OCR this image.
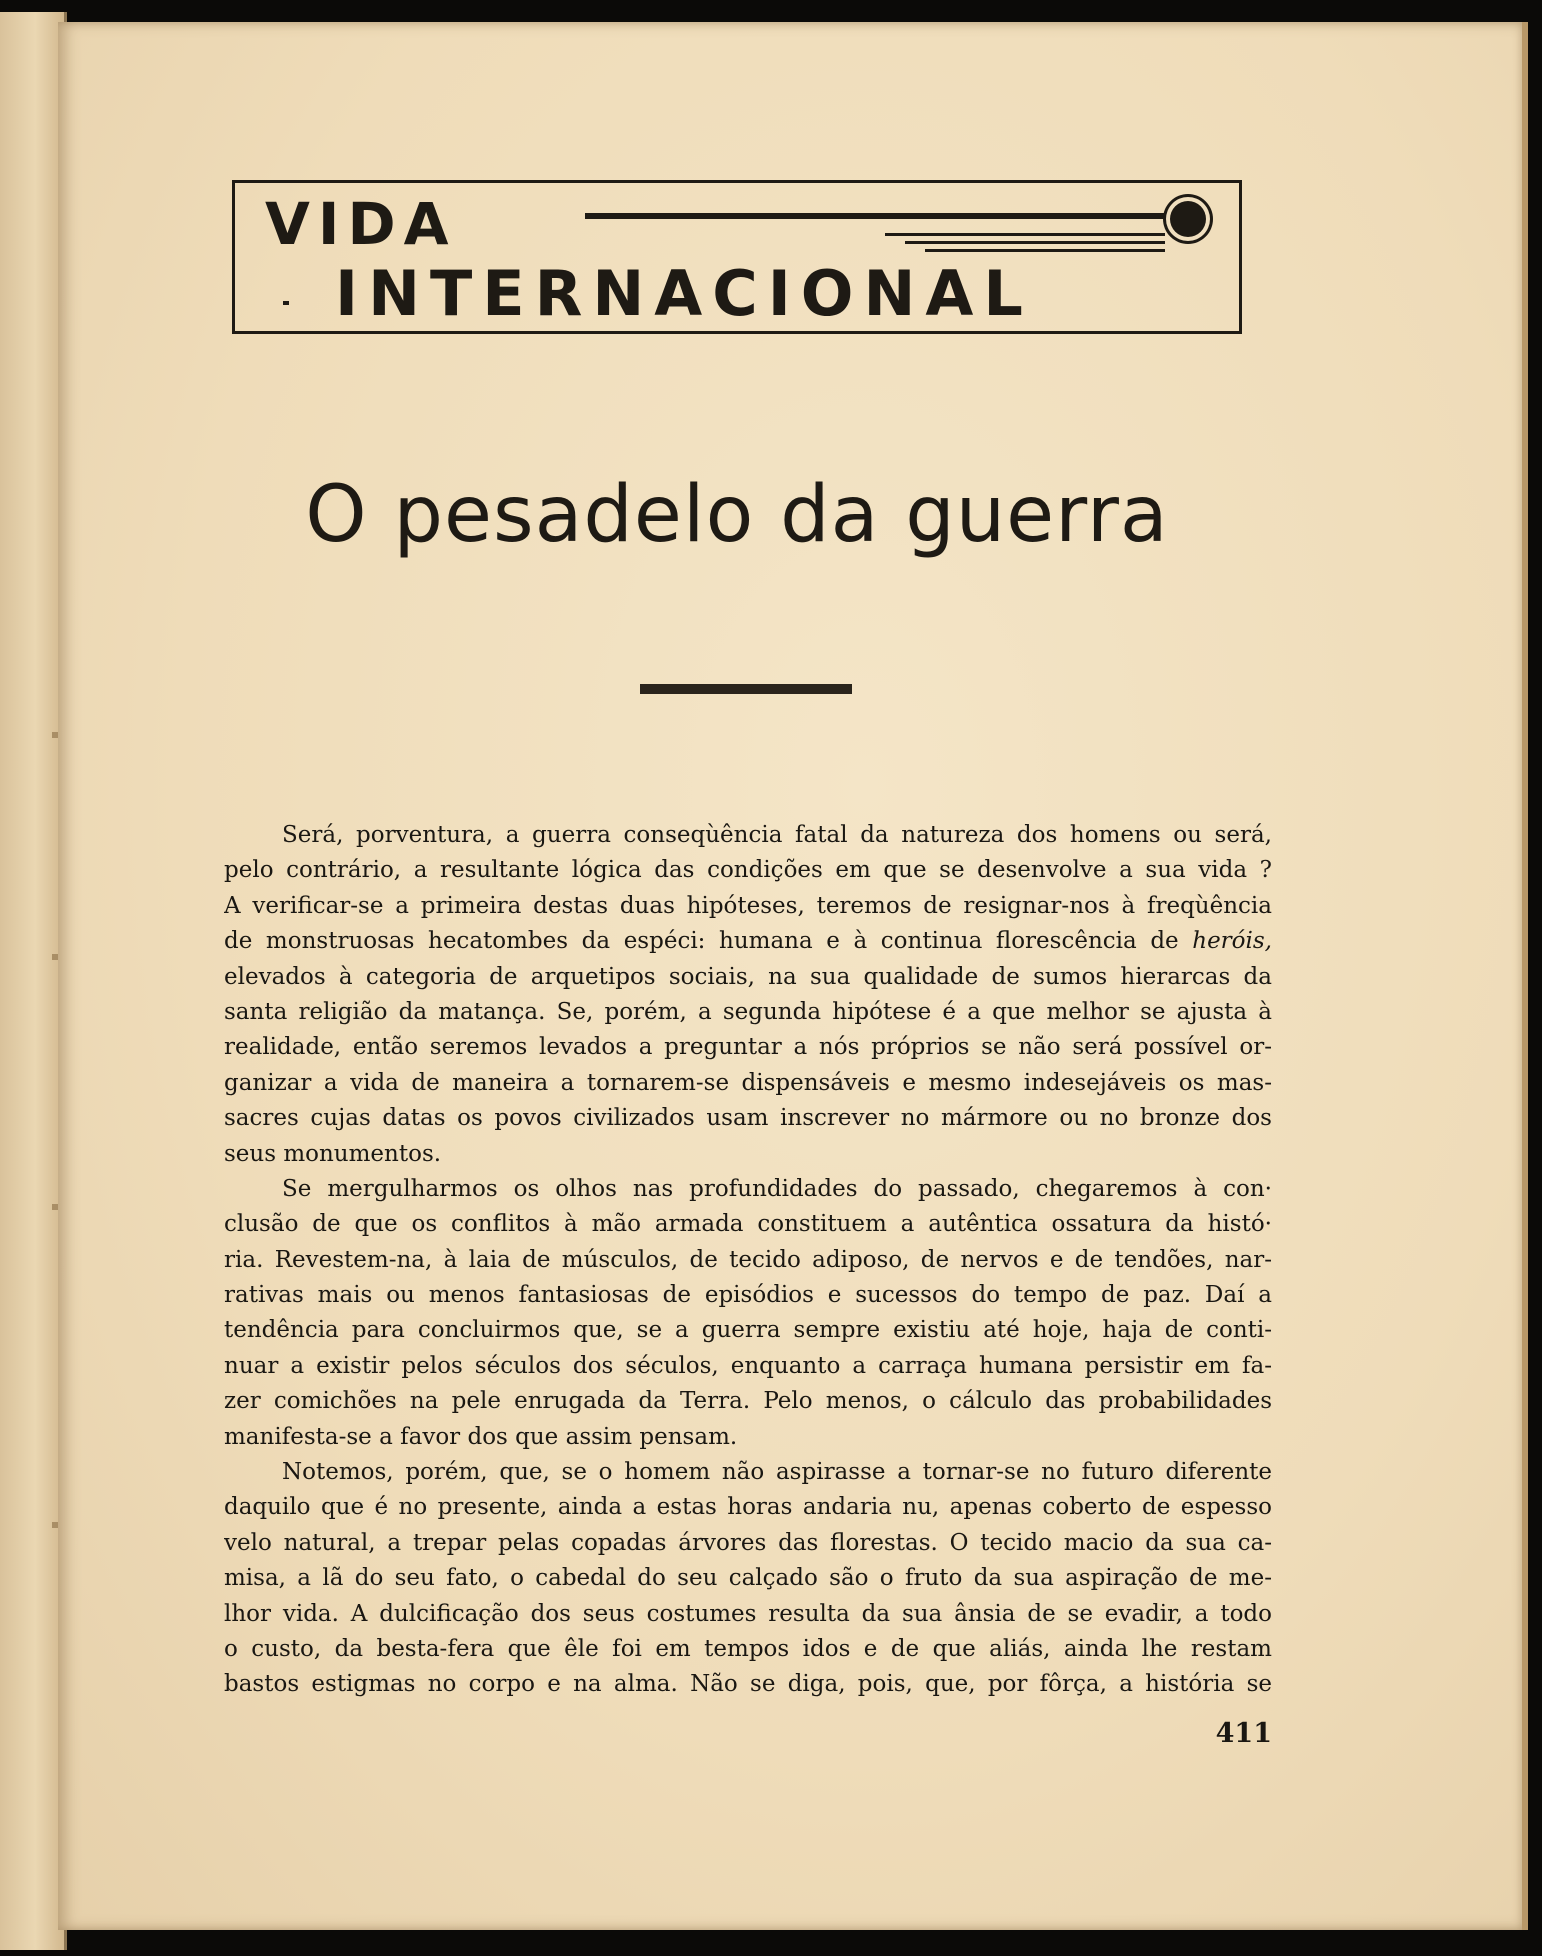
VIDA
INTERNACIONAL
O pesadelo da guerra
Será, porventura, a guerra conseqùência fatal da natureza dos homens ou será,
pelo contrário, a resultante lógica das condições em que se desenvolve a sua vida ?
A verificar-se a primeira destas duas hipóteses, teremos de resignar-nos à freqùência
de monstruosas hecatombes da espéci: humana e à continua florescência de heróis,
elevados à categoria de arquetipos sociais, na sua qualidade de sumos hierarcas da
santa religião da matança. Se, porém, a segunda hipótese é a que melhor se ajusta à
realidade, então seremos levados a preguntar a nós próprios se não será possível or-
ganizar a vida de maneira a tornarem-se dispensáveis e mesmo indesejáveis os mas-
sacres cujas datas os povos civilizados usam inscrever no mármore ou no bronze dos
seus monumentos.
Se mergulharmos os olhos nas profundidades do passado, chegaremos à con·
clusão de que os conflitos à mão armada constituem a autêntica ossatura da histó·
ria. Revestem-na, à laia de músculos, de tecido adiposo, de nervos e de tendões, nar-
rativas mais ou menos fantasiosas de episódios e sucessos do tempo de paz. Daí a
tendência para concluirmos que, se a guerra sempre existiu até hoje, haja de conti-
nuar a existir pelos séculos dos séculos, enquanto a carraça humana persistir em fa-
zer comichões na pele enrugada da Terra. Pelo menos, o cálculo das probabilidades
manifesta-se a favor dos que assim pensam.
Notemos, porém, que, se o homem não aspirasse a tornar-se no futuro diferente
daquilo que é no presente, ainda a estas horas andaria nu, apenas coberto de espesso
velo natural, a trepar pelas copadas árvores das florestas. O tecido macio da sua ca-
misa, a lã do seu fato, o cabedal do seu calçado são o fruto da sua aspiração de me-
lhor vida. A dulcificação dos seus costumes resulta da sua ânsia de se evadir, a todo
o custo, da besta-fera que êle foi em tempos idos e de que aliás, ainda lhe restam
bastos estigmas no corpo e na alma. Não se diga, pois, que, por fôrça, a história se
411
